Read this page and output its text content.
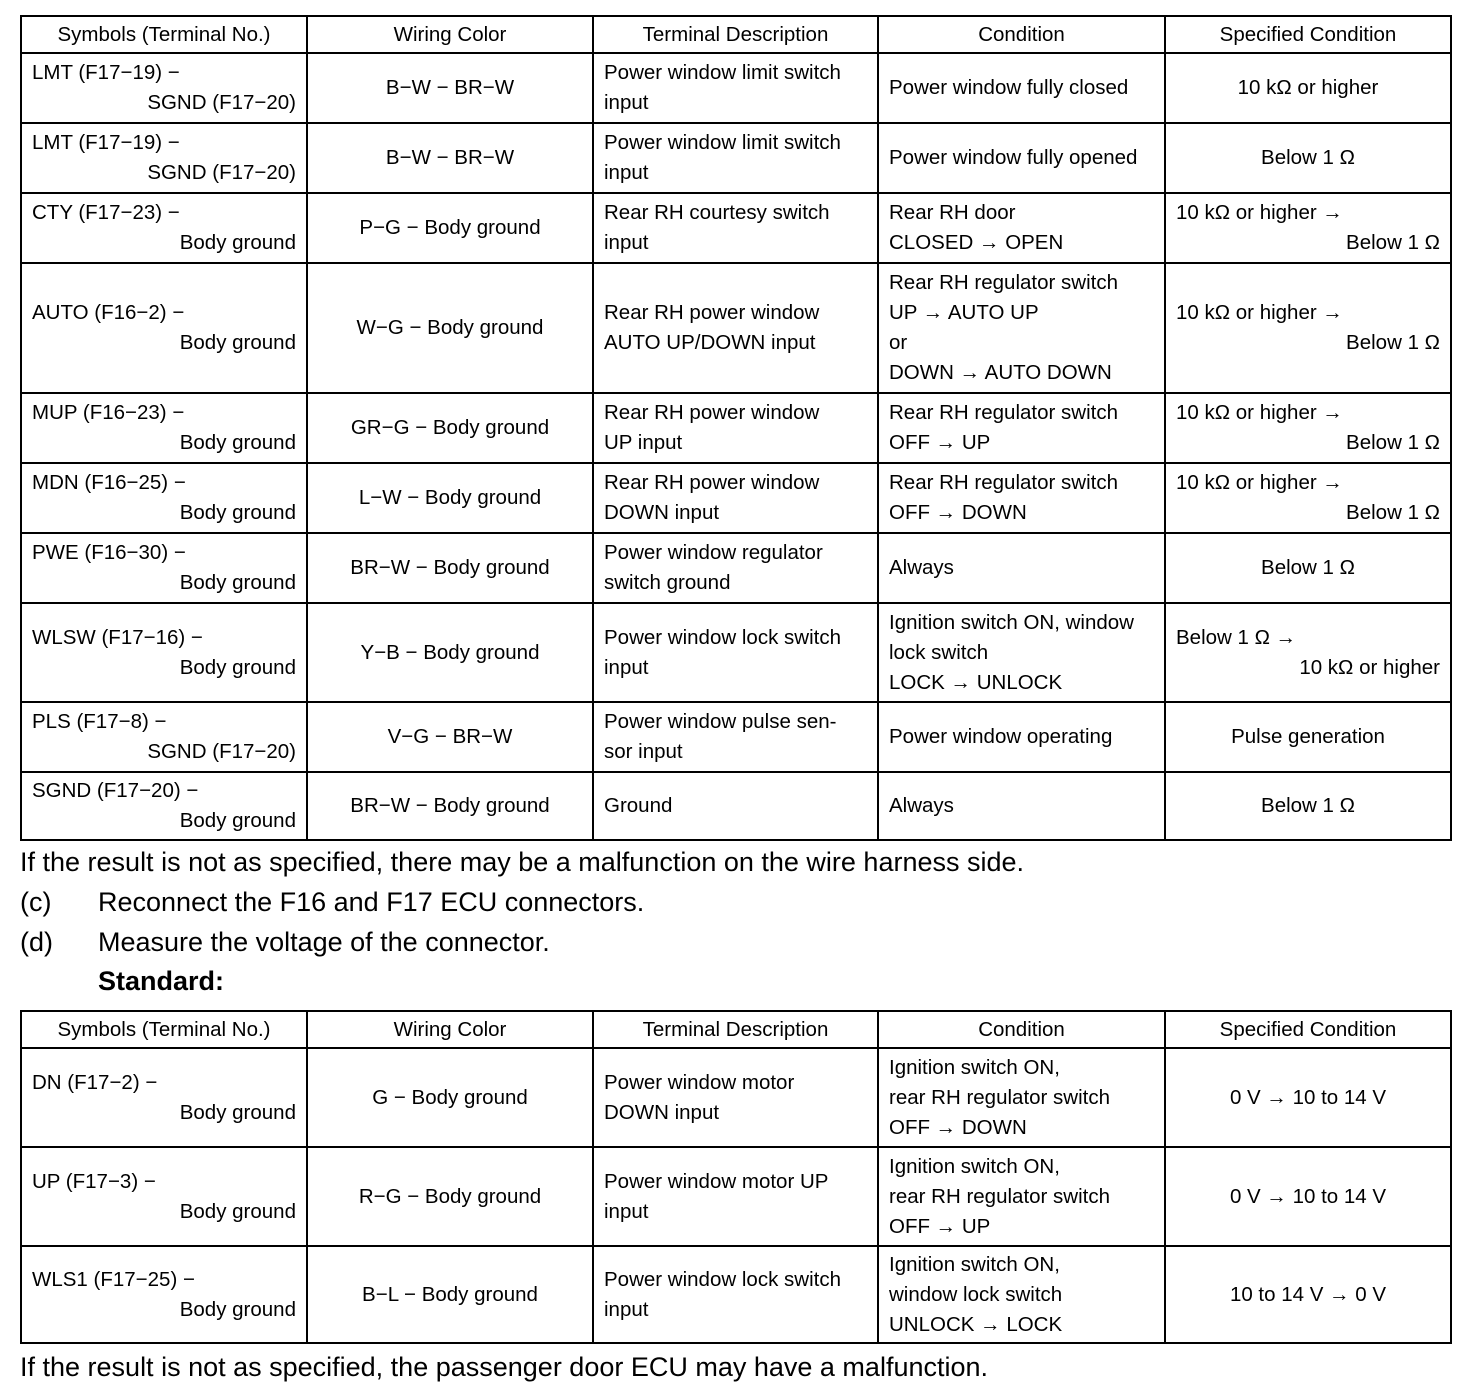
Symbols (Terminal No.)	Wiring Color	Terminal Description	Condition	Specified Condition

LMT (F17−19) −
SGND (F17−20)	B−W − BR−W	Power window limit switch
input	Power window fully closed	10 kΩ or higher

LMT (F17−19) −
SGND (F17−20)	B−W − BR−W	Power window limit switch
input	Power window fully opened	Below 1 Ω

CTY (F17−23) −
Body ground	P−G − Body ground	Rear RH courtesy switch
input	Rear RH door
CLOSED → OPEN	10 kΩ or higher →
Below 1 Ω

AUTO (F16−2) −
Body ground	W−G − Body ground	Rear RH power window
AUTO UP/DOWN input	Rear RH regulator switch
UP → AUTO UP
or
DOWN → AUTO DOWN	10 kΩ or higher →
Below 1 Ω

MUP (F16−23) −
Body ground	GR−G − Body ground	Rear RH power window
UP input	Rear RH regulator switch
OFF → UP	10 kΩ or higher →
Below 1 Ω

MDN (F16−25) −
Body ground	L−W − Body ground	Rear RH power window
DOWN input	Rear RH regulator switch
OFF → DOWN	10 kΩ or higher →
Below 1 Ω

PWE (F16−30) −
Body ground	BR−W − Body ground	Power window regulator
switch ground	Always	Below 1 Ω

WLSW (F17−16) −
Body ground	Y−B − Body ground	Power window lock switch
input	Ignition switch ON, window
lock switch
LOCK → UNLOCK	Below 1 Ω →
10 kΩ or higher

PLS (F17−8) −
SGND (F17−20)	V−G − BR−W	Power window pulse sen-
sor input	Power window operating	Pulse generation

SGND (F17−20) −
Body ground	BR−W − Body ground	Ground	Always	Below 1 Ω
If the result is not as specified, there may be a malfunction on the wire harness side.
(c) Reconnect the F16 and F17 ECU connectors.
(d) Measure the voltage of the connector.
Standard:
Symbols (Terminal No.)	Wiring Color	Terminal Description	Condition	Specified Condition

DN (F17−2) −
Body ground	G − Body ground	Power window motor
DOWN input	Ignition switch ON,
rear RH regulator switch
OFF → DOWN	0 V → 10 to 14 V

UP (F17−3) −
Body ground	R−G − Body ground	Power window motor UP
input	Ignition switch ON,
rear RH regulator switch
OFF → UP	0 V → 10 to 14 V

WLS1 (F17−25) −
Body ground	B−L − Body ground	Power window lock switch
input	Ignition switch ON,
window lock switch
UNLOCK → LOCK	10 to 14 V → 0 V
If the result is not as specified, the passenger door ECU may have a malfunction.
